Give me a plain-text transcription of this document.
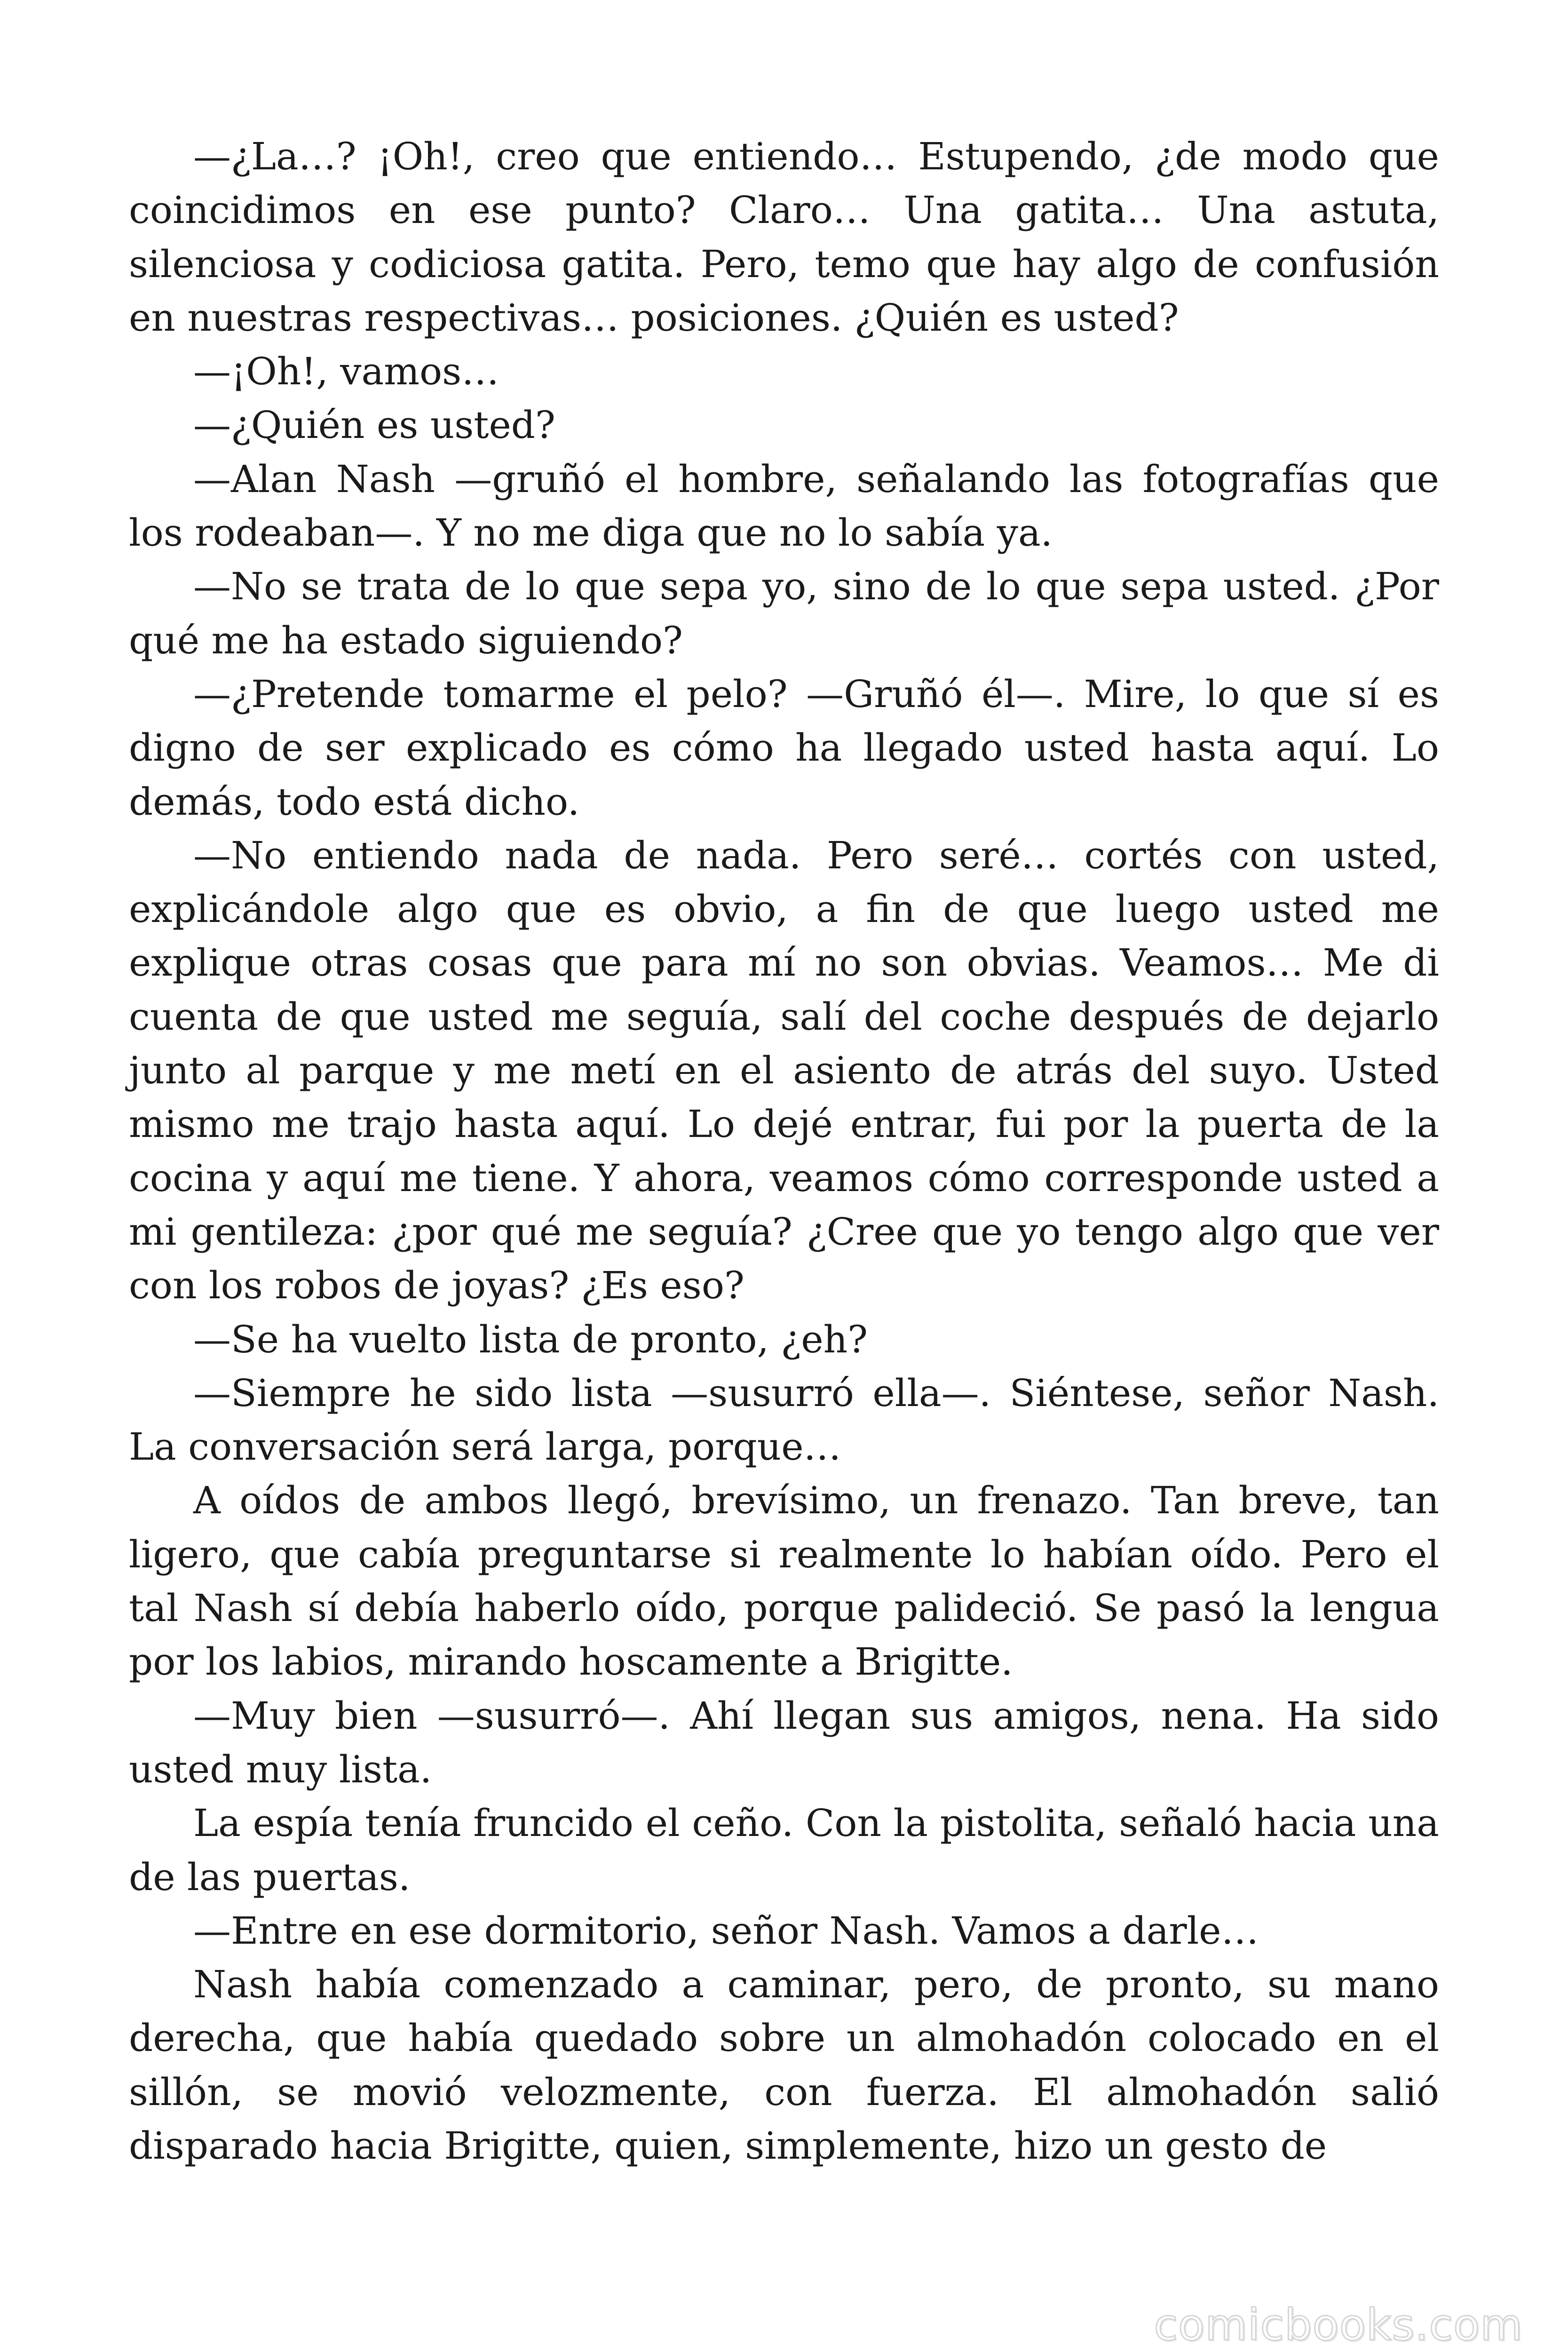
—¿La…? ¡Oh!, creo que entiendo… Estupendo, ¿de modo que coincidimos en ese punto? Claro… Una gatita… Una astuta, silenciosa y codiciosa gatita. Pero, temo que hay algo de confusión en nuestras respectivas… posiciones. ¿Quién es usted?

—¡Oh!, vamos…

—¿Quién es usted?

—Alan Nash —gruñó el hombre, señalando las fotografías que los rodeaban—. Y no me diga que no lo sabía ya.

—No se trata de lo que sepa yo, sino de lo que sepa usted. ¿Por qué me ha estado siguiendo?

—¿Pretende tomarme el pelo? —Gruñó él—. Mire, lo que sí es digno de ser explicado es cómo ha llegado usted hasta aquí. Lo demás, todo está dicho.

—No entiendo nada de nada. Pero seré… cortés con usted, explicándole algo que es obvio, a fin de que luego usted me explique otras cosas que para mí no son obvias. Veamos… Me di cuenta de que usted me seguía, salí del coche después de dejarlo junto al parque y me metí en el asiento de atrás del suyo. Usted mismo me trajo hasta aquí. Lo dejé entrar, fui por la puerta de la cocina y aquí me tiene. Y ahora, veamos cómo corresponde usted a mi gentileza: ¿por qué me seguía? ¿Cree que yo tengo algo que ver con los robos de joyas? ¿Es eso?

—Se ha vuelto lista de pronto, ¿eh?

—Siempre he sido lista —susurró ella—. Siéntese, señor Nash. La conversación será larga, porque…

A oídos de ambos llegó, brevísimo, un frenazo. Tan breve, tan ligero, que cabía preguntarse si realmente lo habían oído. Pero el tal Nash sí debía haberlo oído, porque palideció. Se pasó la lengua por los labios, mirando hoscamente a Brigitte.

—Muy bien —susurró—. Ahí llegan sus amigos, nena. Ha sido usted muy lista.

La espía tenía fruncido el ceño. Con la pistolita, señaló hacia una de las puertas.

—Entre en ese dormitorio, señor Nash. Vamos a darle…

Nash había comenzado a caminar, pero, de pronto, su mano derecha, que había quedado sobre un almohadón colocado en el sillón, se movió velozmente, con fuerza. El almohadón salió disparado hacia Brigitte, quien, simplemente, hizo un gesto de

comicbooks.com
